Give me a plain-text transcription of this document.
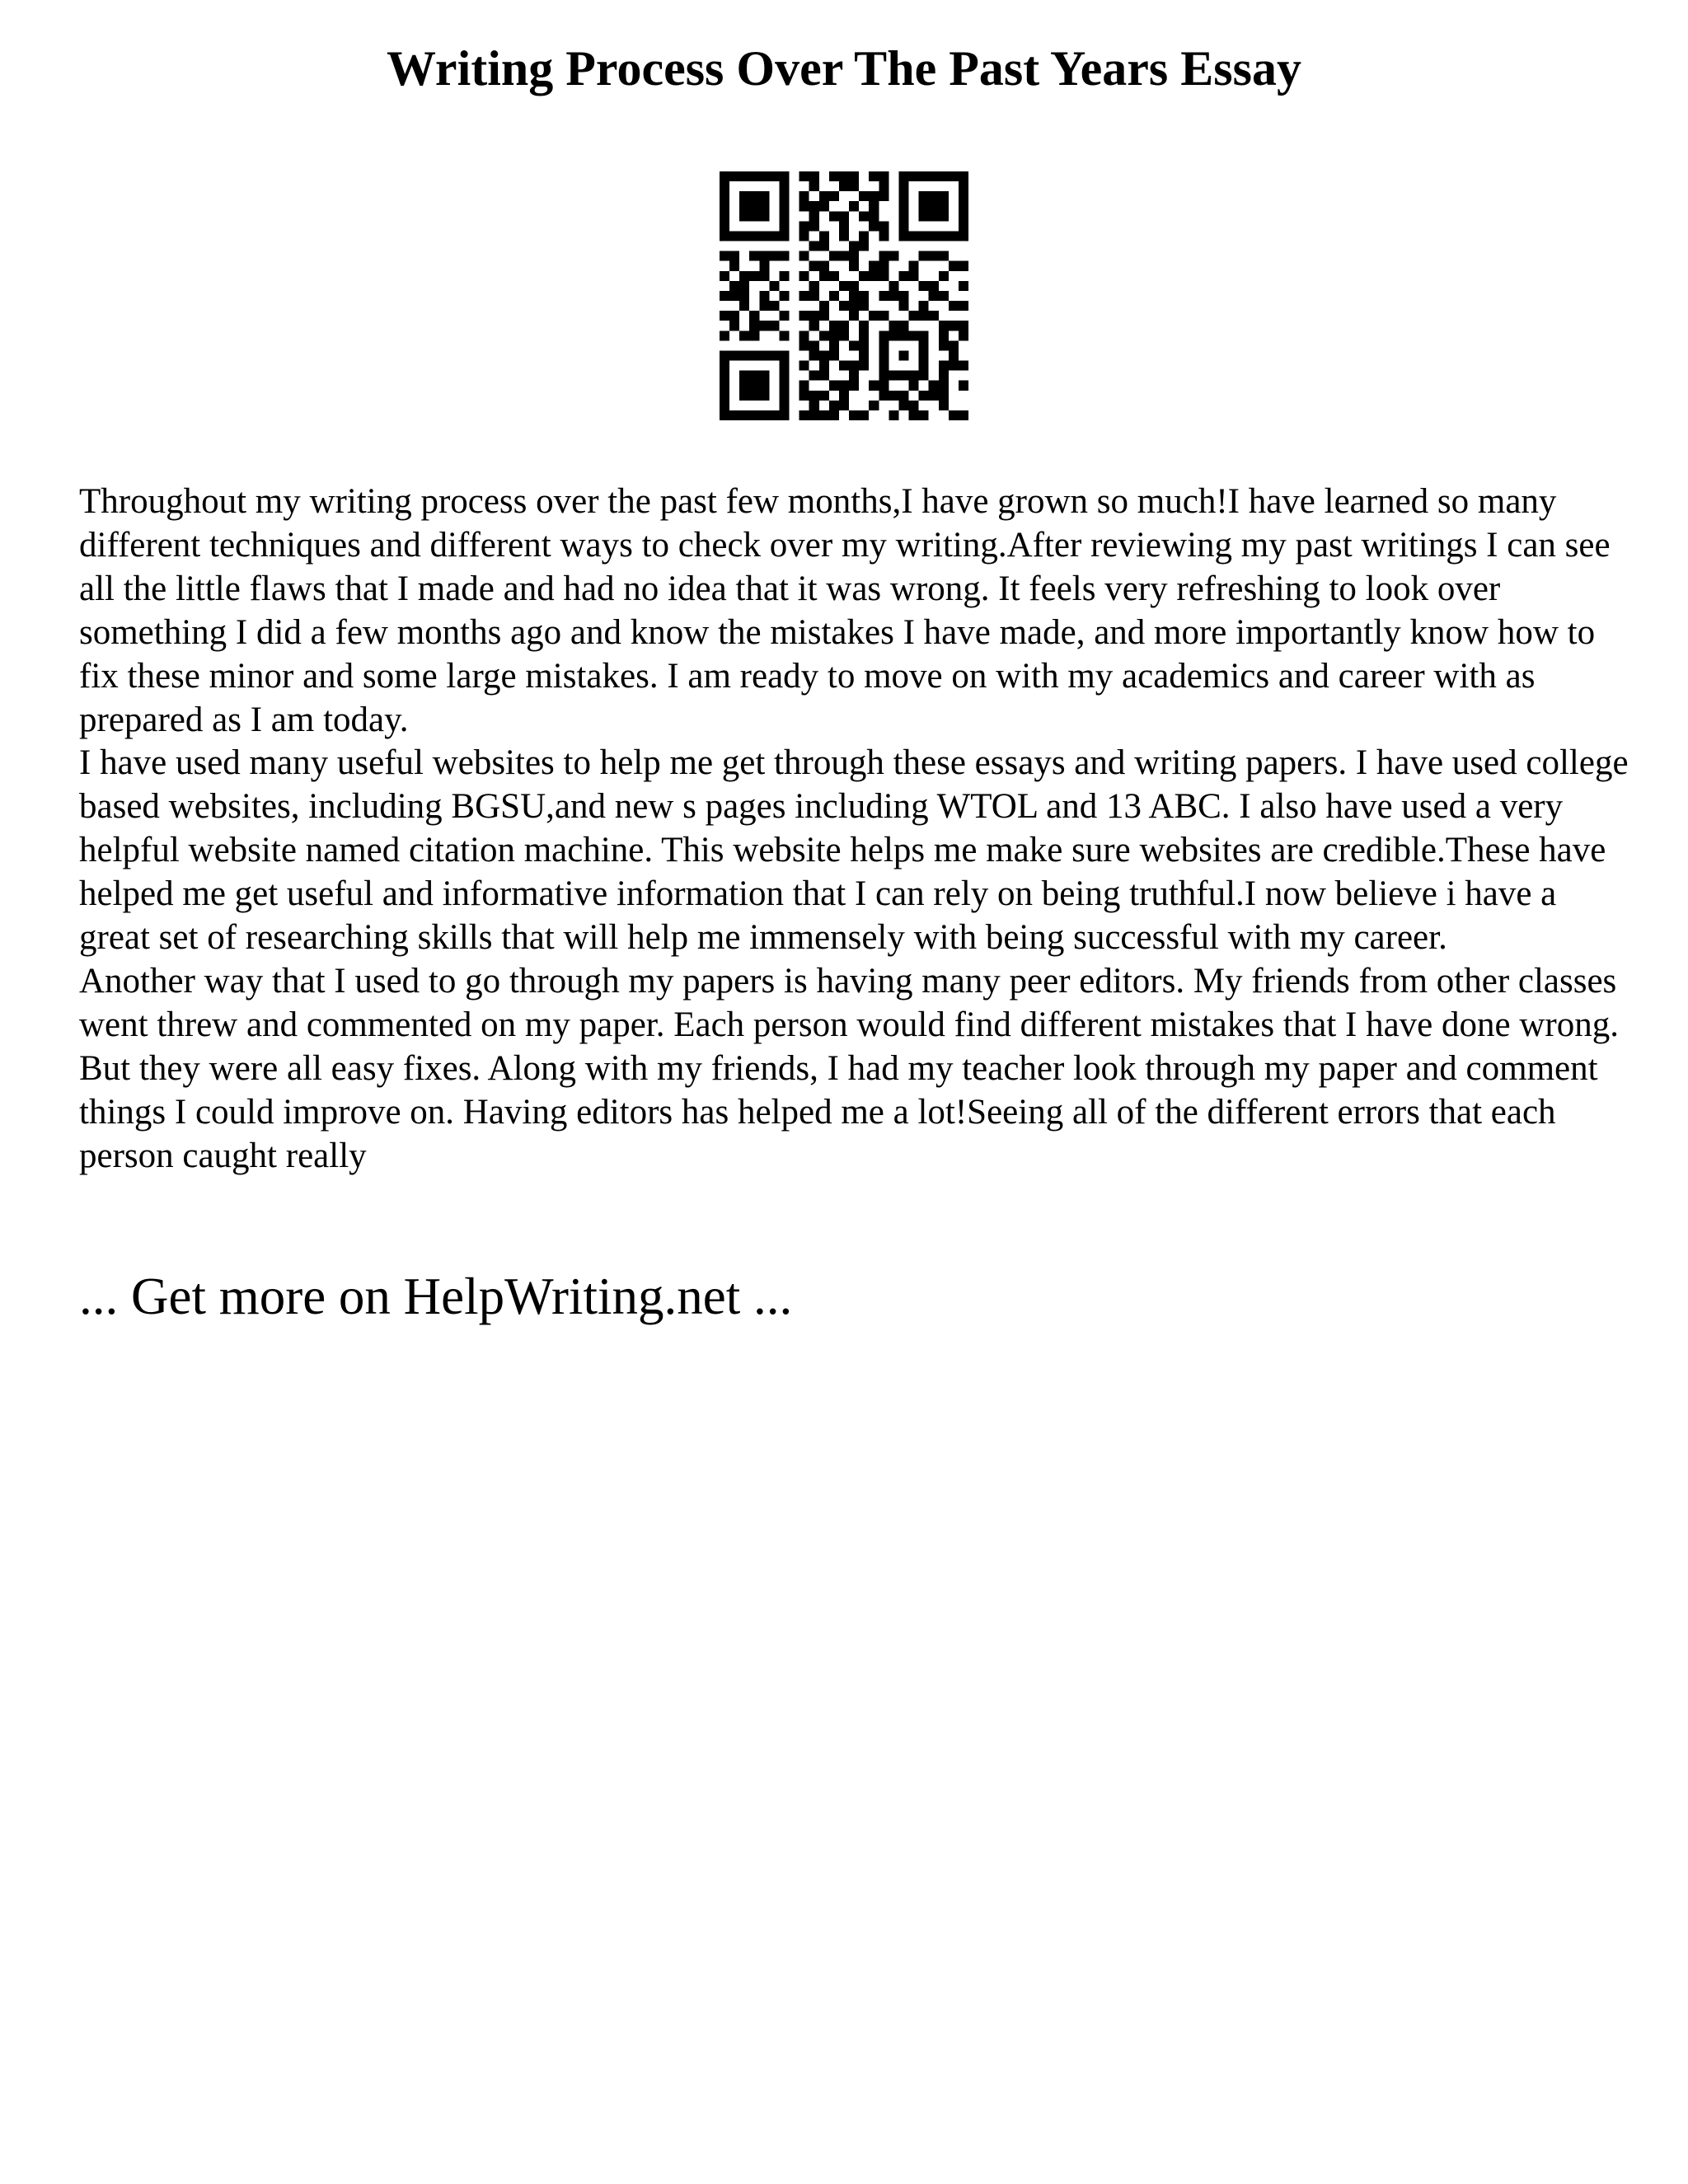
Writing Process Over The Past Years Essay

Throughout my writing process over the past few months,I have grown so much!I have learned so many different techniques and different ways to check over my writing.After reviewing my past writings I can see all the little flaws that I made and had no idea that it was wrong. It feels very refreshing to look over something I did a few months ago and know the mistakes I have made, and more importantly know how to fix these minor and some large mistakes. I am ready to move on with my academics and career with as prepared as I am today.

I have used many useful websites to help me get through these essays and writing papers. I have used college based websites, including BGSU,and new s pages including WTOL and 13 ABC. I also have used a very helpful website named citation machine. This website helps me make sure websites are credible.These have helped me get useful and informative information that I can rely on being truthful.I now believe i have a great set of researching skills that will help me immensely with being successful with my career.

Another way that I used to go through my papers is having many peer editors. My friends from other classes went threw and commented on my paper. Each person would find different mistakes that I have done wrong. But they were all easy fixes. Along with my friends, I had my teacher look through my paper and comment things I could improve on. Having editors has helped me a lot!Seeing all of the different errors that each person caught really

... Get more on HelpWriting.net ...
